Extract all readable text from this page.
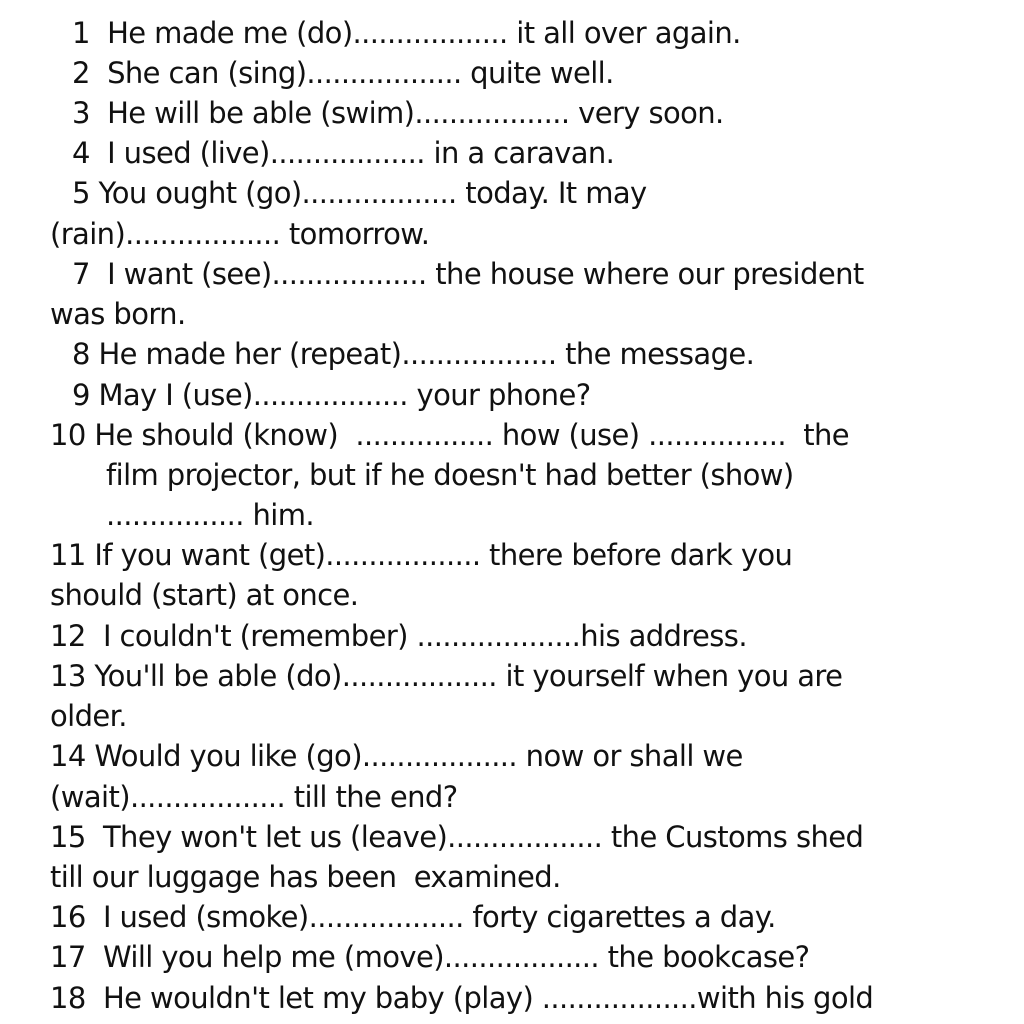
1  He made me (do).................. it all over again.
2  She can (sing).................. quite well.
3  He will be able (swim).................. very soon.
4  I used (live).................. in a caravan.
5 You ought (go).................. today. It may
(rain).................. tomorrow.
7  I want (see).................. the house where our president
was born.
8 He made her (repeat).................. the message.
9 May I (use).................. your phone?
10 He should (know)  ................ how (use) ................  the
film projector, but if he doesn't had better (show)
................ him.
11 If you want (get).................. there before dark you
should (start) at once.
12  I couldn't (remember) ...................his address.
13 You'll be able (do).................. it yourself when you are
older.
14 Would you like (go).................. now or shall we
(wait).................. till the end?
15  They won't let us (leave).................. the Customs shed
till our luggage has been  examined.
16  I used (smoke).................. forty cigarettes a day.
17  Will you help me (move).................. the bookcase?
18  He wouldn't let my baby (play) ..................with his gold
